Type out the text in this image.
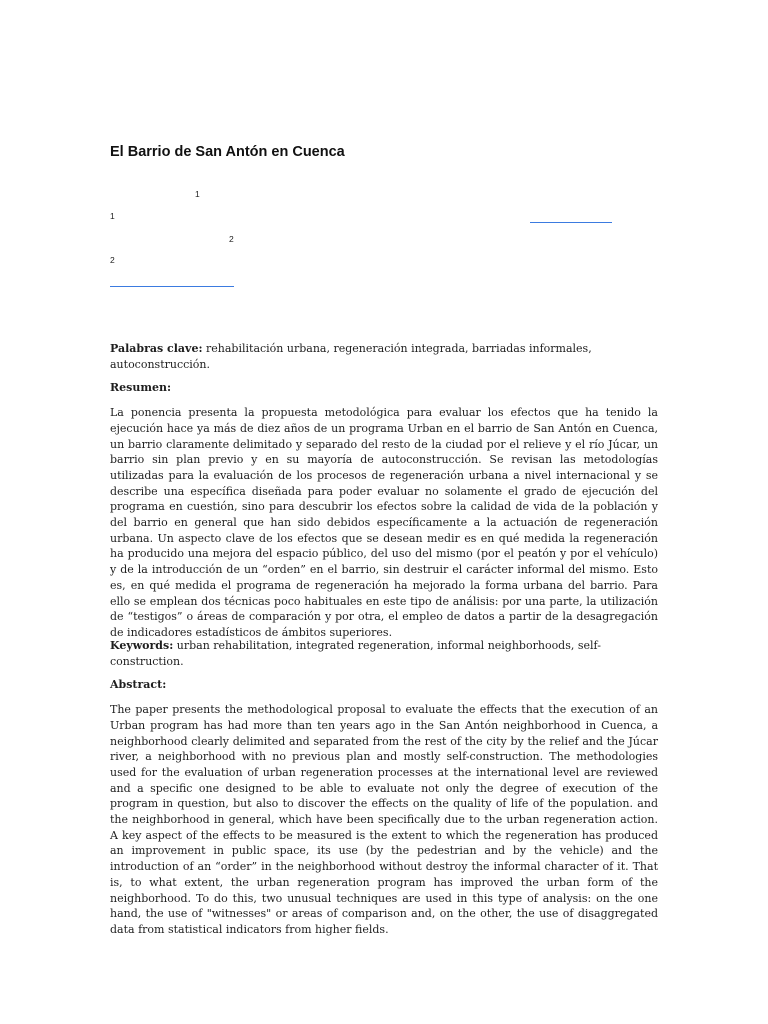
El Barrio de San Antón en Cuenca
1
1
2
2

Palabras clave: rehabilitación urbana, regeneración integrada, barriadas informales, autoconstrucción.

Resumen:

La ponencia presenta la propuesta metodológica para evaluar los efectos que ha tenido la ejecución hace ya más de diez años de un programa Urban en el barrio de San Antón en Cuenca, un barrio claramente delimitado y separado del resto de la ciudad por el relieve y el río Júcar, un barrio sin plan previo y en su mayoría de autoconstrucción. Se revisan las metodologías utilizadas para la evaluación de los procesos de regeneración urbana a nivel internacional y se describe una específica diseñada para poder evaluar no solamente el grado de ejecución del programa en cuestión, sino para descubrir los efectos sobre la calidad de vida de la población y del barrio en general que han sido debidos específicamente a la actuación de regeneración urbana. Un aspecto clave de los efectos que se desean medir es en qué medida la regeneración ha producido una mejora del espacio público, del uso del mismo (por el peatón y por el vehículo) y de la introducción de un “orden” en el barrio, sin destruir el carácter informal del mismo. Esto es, en qué medida el programa de regeneración ha mejorado la forma urbana del barrio. Para ello se emplean dos técnicas poco habituales en este tipo de análisis: por una parte, la utilización de “testigos” o áreas de comparación y por otra, el empleo de datos a partir de la desagregación de indicadores estadísticos de ámbitos superiores.

Keywords: urban rehabilitation, integrated regeneration, informal neighborhoods, self-construction.

Abstract:

The paper presents the methodological proposal to evaluate the effects that the execution of an Urban program has had more than ten years ago in the San Antón neighborhood in Cuenca, a neighborhood clearly delimited and separated from the rest of the city by the relief and the Júcar river, a neighborhood with no previous plan and mostly self-construction. The methodologies used for the evaluation of urban regeneration processes at the international level are reviewed and a specific one designed to be able to evaluate not only the degree of execution of the program in question, but also to discover the effects on the quality of life of the population. and the neighborhood in general, which have been specifically due to the urban regeneration action. A key aspect of the effects to be measured is the extent to which the regeneration has produced an improvement in public space, its use (by the pedestrian and by the vehicle) and the introduction of an “order” in the neighborhood without destroy the informal character of it. That is, to what extent, the urban regeneration program has improved the urban form of the neighborhood. To do this, two unusual techniques are used in this type of analysis: on the one hand, the use of "witnesses" or areas of comparison and, on the other, the use of disaggregated data from statistical indicators from higher fields.
